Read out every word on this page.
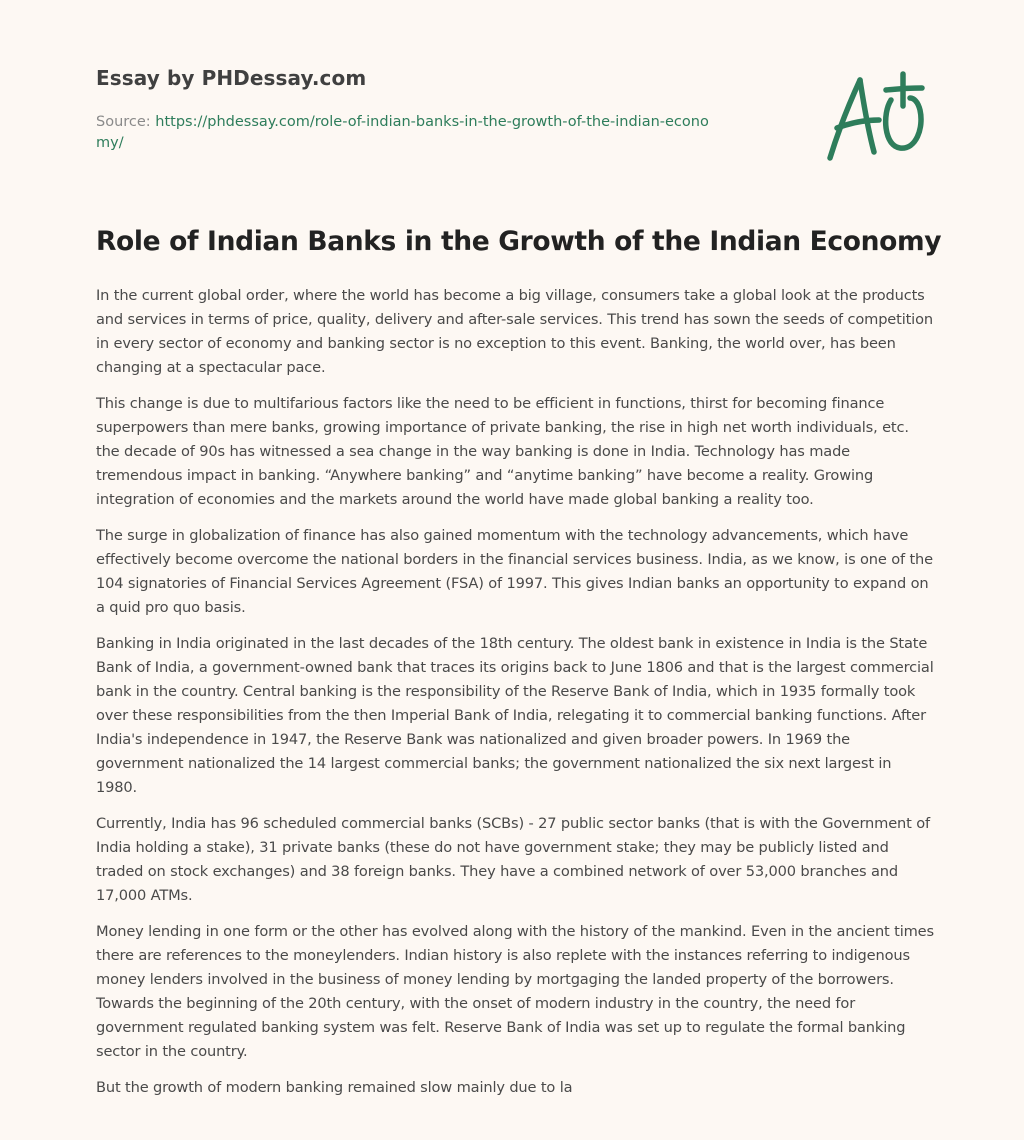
Essay by PHDessay.com
Source: https://phdessay.com/role-of-indian-banks-in-the-growth-of-the-indian-economy/
Role of Indian Banks in the Growth of the Indian Economy

In the current global order, where the world has become a big village, consumers take a global look at the products and services in terms of price, quality, delivery and after-sale services. This trend has sown the seeds of competition in every sector of economy and banking sector is no exception to this event. Banking, the world over, has been changing at a spectacular pace.

This change is due to multifarious factors like the need to be efficient in functions, thirst for becoming finance superpowers than mere banks, growing importance of private banking, the rise in high net worth individuals, etc. the decade of 90s has witnessed a sea change in the way banking is done in India. Technology has made tremendous impact in banking. “Anywhere banking” and “anytime banking” have become a reality. Growing integration of economies and the markets around the world have made global banking a reality too.

The surge in globalization of finance has also gained momentum with the technology advancements, which have effectively become overcome the national borders in the financial services business. India, as we know, is one of the 104 signatories of Financial Services Agreement (FSA) of 1997. This gives Indian banks an opportunity to expand on a quid pro quo basis.

Banking in India originated in the last decades of the 18th century. The oldest bank in existence in India is the State Bank of India, a government-owned bank that traces its origins back to June 1806 and that is the largest commercial bank in the country. Central banking is the responsibility of the Reserve Bank of India, which in 1935 formally took over these responsibilities from the then Imperial Bank of India, relegating it to commercial banking functions. After India's independence in 1947, the Reserve Bank was nationalized and given broader powers. In 1969 the government nationalized the 14 largest commercial banks; the government nationalized the six next largest in 1980.

Currently, India has 96 scheduled commercial banks (SCBs) - 27 public sector banks (that is with the Government of India holding a stake), 31 private banks (these do not have government stake; they may be publicly listed and traded on stock exchanges) and 38 foreign banks. They have a combined network of over 53,000 branches and 17,000 ATMs.

Money lending in one form or the other has evolved along with the history of the mankind. Even in the ancient times there are references to the moneylenders. Indian history is also replete with the instances referring to indigenous money lenders involved in the business of money lending by mortgaging the landed property of the borrowers. Towards the beginning of the 20th century, with the onset of modern industry in the country, the need for government regulated banking system was felt. Reserve Bank of India was set up to regulate the formal banking sector in the country.

But the growth of modern banking remained slow mainly due to la
